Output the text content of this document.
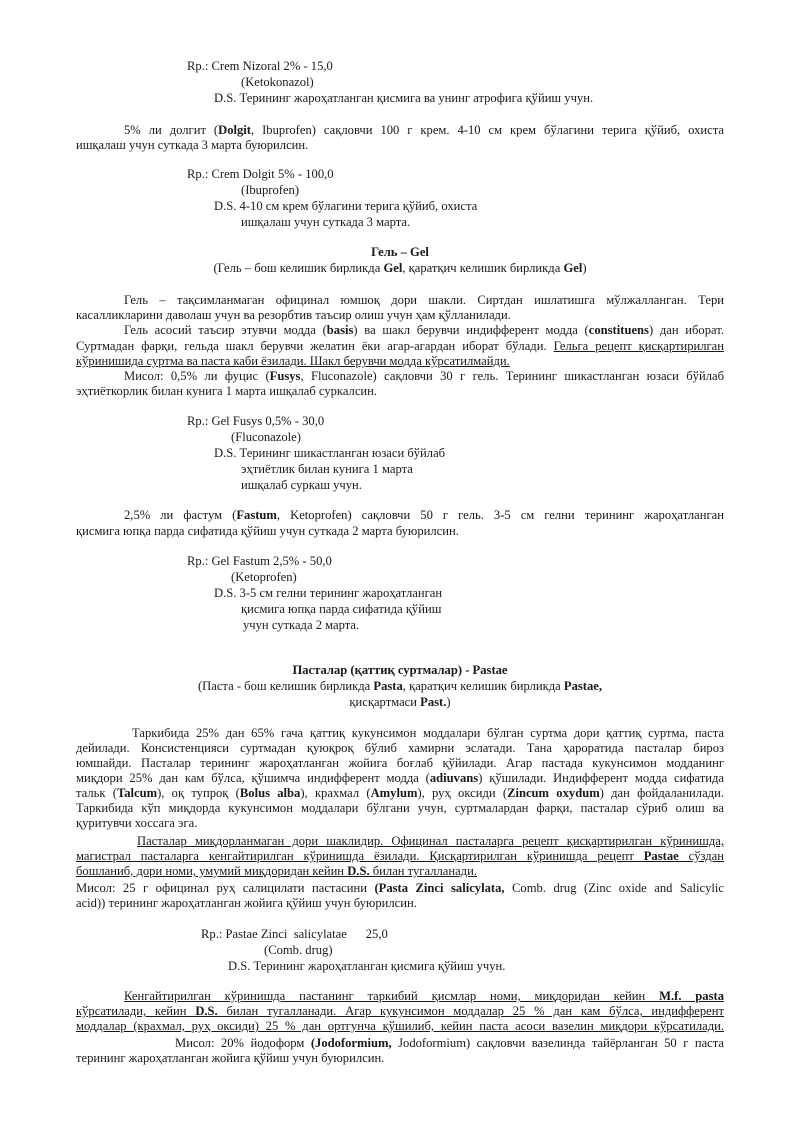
Rp.: Crem Nizoral 2% - 15,0
(Ketokonazol)
D.S. Терининг жароҳатланган қисмига ва унинг атрофига қўйиш учун.
5% ли долгит (Dolgit, Ibuprofen) сақловчи 100 г крем. 4-10 см крем бўлагини терига қўйиб, охиста
ишқалаш учун суткада 3 марта буюрилсин.
Rp.: Crem Dolgit 5% - 100,0
(Ibuprofen)
D.S. 4-10 см крем бўлагини терига қўйиб, охиста
ишқалаш учун суткада 3 марта.
Гель – Gel
(Гель – бош келишик бирликда Gel, қаратқич келишик бирликда Gel)
Гель – тақсимланмаган официнал юмшоқ дори шакли. Сиртдан ишлатишга мўлжалланган. Тери
касалликларини даволаш учун ва резорбтив таъсир олиш учун ҳам қўлланилади.
Гель асосий таъсир этувчи модда (basis) ва шакл берувчи индифферент модда (constituens) дан иборат.
Суртмадан фарқи, гельда шакл берувчи желатин ёки агар-агардан иборат бўлади. Гельга рецепт қисқартирилган
кўринишида суртма ва паста каби ёзилади. Шакл берувчи модда кўрсатилмайди.
Мисол: 0,5% ли фуцис (Fusys, Fluconazole) сақловчи 30 г гель. Терининг шикастланган юзаси бўйлаб
эҳтиёткорлик билан кунига 1 марта ишқалаб суркалсин.
Rp.: Gel Fusys 0,5% - 30,0
(Fluconazole)
D.S. Терининг шикастланган юзаси бўйлаб
эҳтиётлик билан кунига 1 марта
ишқалаб суркаш учун.
2,5% ли фастум (Fastum, Ketoprofen) сақловчи 50 г гель. 3-5 см гелни терининг жароҳатланган
қисмига юпқа парда сифатида қўйиш учун суткада 2 марта буюрилсин.
Rp.: Gel Fastum 2,5% - 50,0
(Ketoprofen)
D.S. 3-5 см гелни терининг жароҳатланган
қисмига юпқа парда сифатида қўйиш
учун суткада 2 марта.
Пасталар (қаттиқ суртмалар) - Pastae
(Паста - бош келишик бирликда Pasta, қаратқич келишик бирликда Pastae,
қисқартмаси Past.)
Таркибида 25% дан 65% гача қаттиқ кукунсимон моддалари бўлган суртма дори қаттиқ суртма, паста
дейилади. Консистенцияси суртмадан қуюқроқ бўлиб хамирни эслатади. Тана ҳароратида пасталар бироз
юмшайди. Пасталар терининг жароҳатланган жойига боғлаб қўйилади. Агар пастада кукунсимон модданинг
миқдори 25% дан кам бўлса, қўшимча индифферент модда (adiuvans) қўшилади. Индифферент модда сифатида
тальк (Talcum), оқ тупроқ (Bolus alba), крахмал (Amylum), руҳ оксиди (Zincum oxydum) дан фойдаланилади.
Таркибида кўп миқдорда кукунсимон моддалари бўлгани учун, суртмалардан фарқи, пасталар сўриб олиш ва
қуритувчи хоссага эга.
Пасталар миқдорланмаган дори шаклидир. Официнал пасталарга рецепт қисқартирилган кўринишда,
магистрал пасталарга кенгайтирилган кўринишда ёзилади. Қисқартирилган кўринишда рецепт Pastae сўздан
бошланиб, дори номи, умумий миқдоридан кейин D.S. билан тугалланади.
Мисол: 25 г официнал руҳ салицилати пастасини (Pasta Zinci salicylata, Comb. drug (Zinc oxide and Salicylic
acid)) терининг жароҳатланган жойига қўйиш учун буюрилсин.
Rp.: Pastae Zinci  salicylatae      25,0
(Comb. drug)
D.S. Терининг жароҳатланган қисмига қўйиш учун.
Кенгайтирилган кўринишда пастанинг таркибий қисмлар номи, миқдоридан кейин M.f. pasta
кўрсатилади, кейин D.S. билан тугалланади. Агар кукунсимон моддалар 25 % дан кам бўлса, индифферент
моддалар (крахмал, руҳ оксиди) 25 % дан ортгунча қўшилиб, кейин паста асоси вазелин миқдори кўрсатилади.
Мисол: 20% йодоформ (Jodoformium, Jodoformium) сақловчи вазелинда тайёрланган 50 г паста
терининг жароҳатланган жойига қўйиш учун буюрилсин.
